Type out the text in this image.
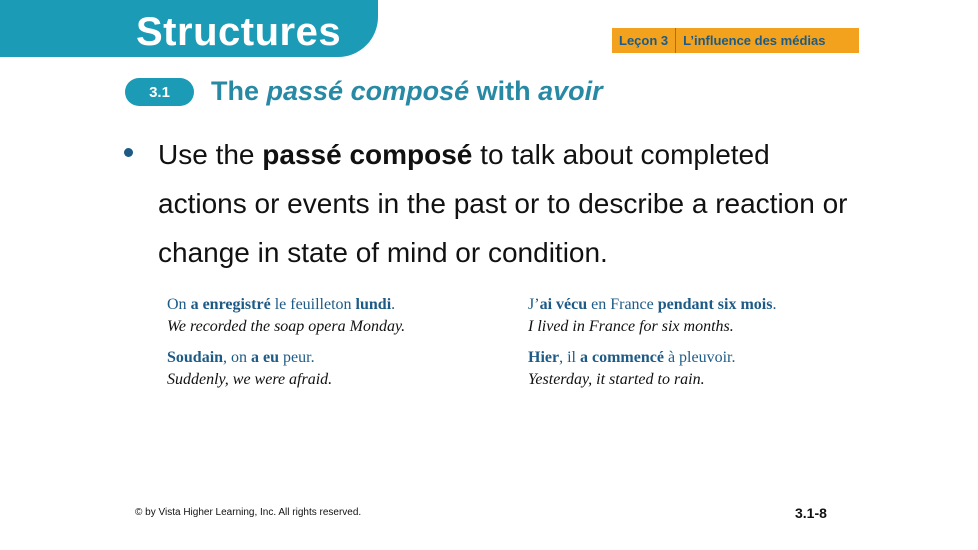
Structures	Leçon 3	L’influence des médias
3.1	The passé composé with avoir
Use the passé composé to talk about completed actions or events in the past or to describe a reaction or change in state of mind or condition.
On a enregistré le feuilleton lundi.
We recorded the soap opera Monday.
J’ai vécu en France pendant six mois.
I lived in France for six months.
Soudain, on a eu peur.
Suddenly, we were afraid.
Hier, il a commencé à pleuvoir.
Yesterday, it started to rain.
© by Vista Higher Learning, Inc. All rights reserved.	3.1-8
